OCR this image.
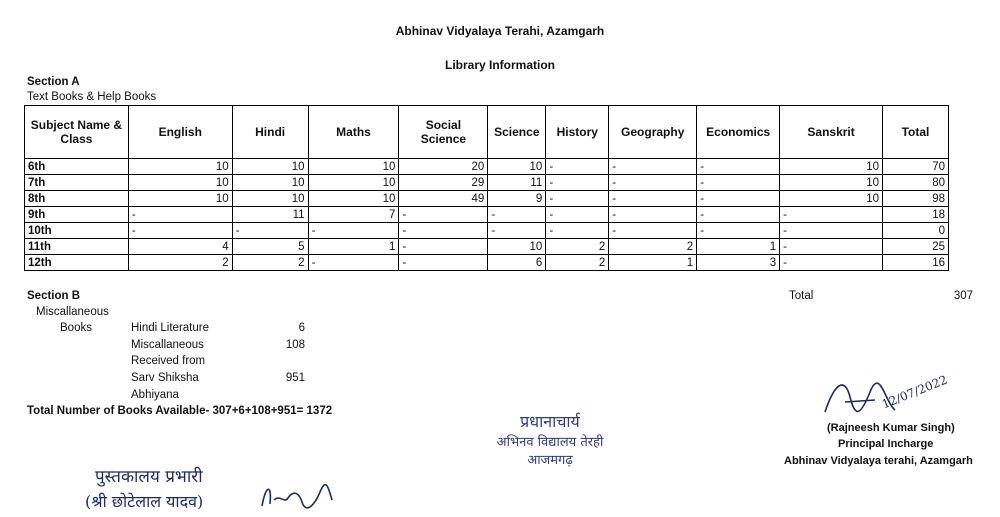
Abhinav Vidyalaya Terahi, Azamgarh
Library Information
Section A
Text Books & Help Books
Subject Name & Class	English	Hindi	Maths	Social Science	Science	History	Geography	Economics	Sanskrit	Total
6th	10	10	10	20	10	-	-	-	10	70
7th	10	10	10	29	11	-	-	-	10	80
8th	10	10	10	49	9	-	-	-	10	98
9th	-	11	7	-	-	-	-	-	-	18
10th	-	-	-	-	-	-	-	-	-	0
11th	4	5	1	-	10	2	2	1	-	25
12th	2	2	-	-	6	2	1	3	-	16
Total	307
Section B
Miscallaneous
Books	Hindi Literature	6
Miscallaneous	108
Received from
Sarv Shiksha	951
Abhiyana
Total Number of Books Available- 307+6+108+951= 1372
प्रधानाचार्य
अभिनव विद्यालय तेरही
आजमगढ़
12/07/2022
(Rajneesh Kumar Singh)
Principal Incharge
Abhinav Vidyalaya terahi, Azamgarh
पुस्तकालय प्रभारी
(श्री छोटेलाल यादव)
